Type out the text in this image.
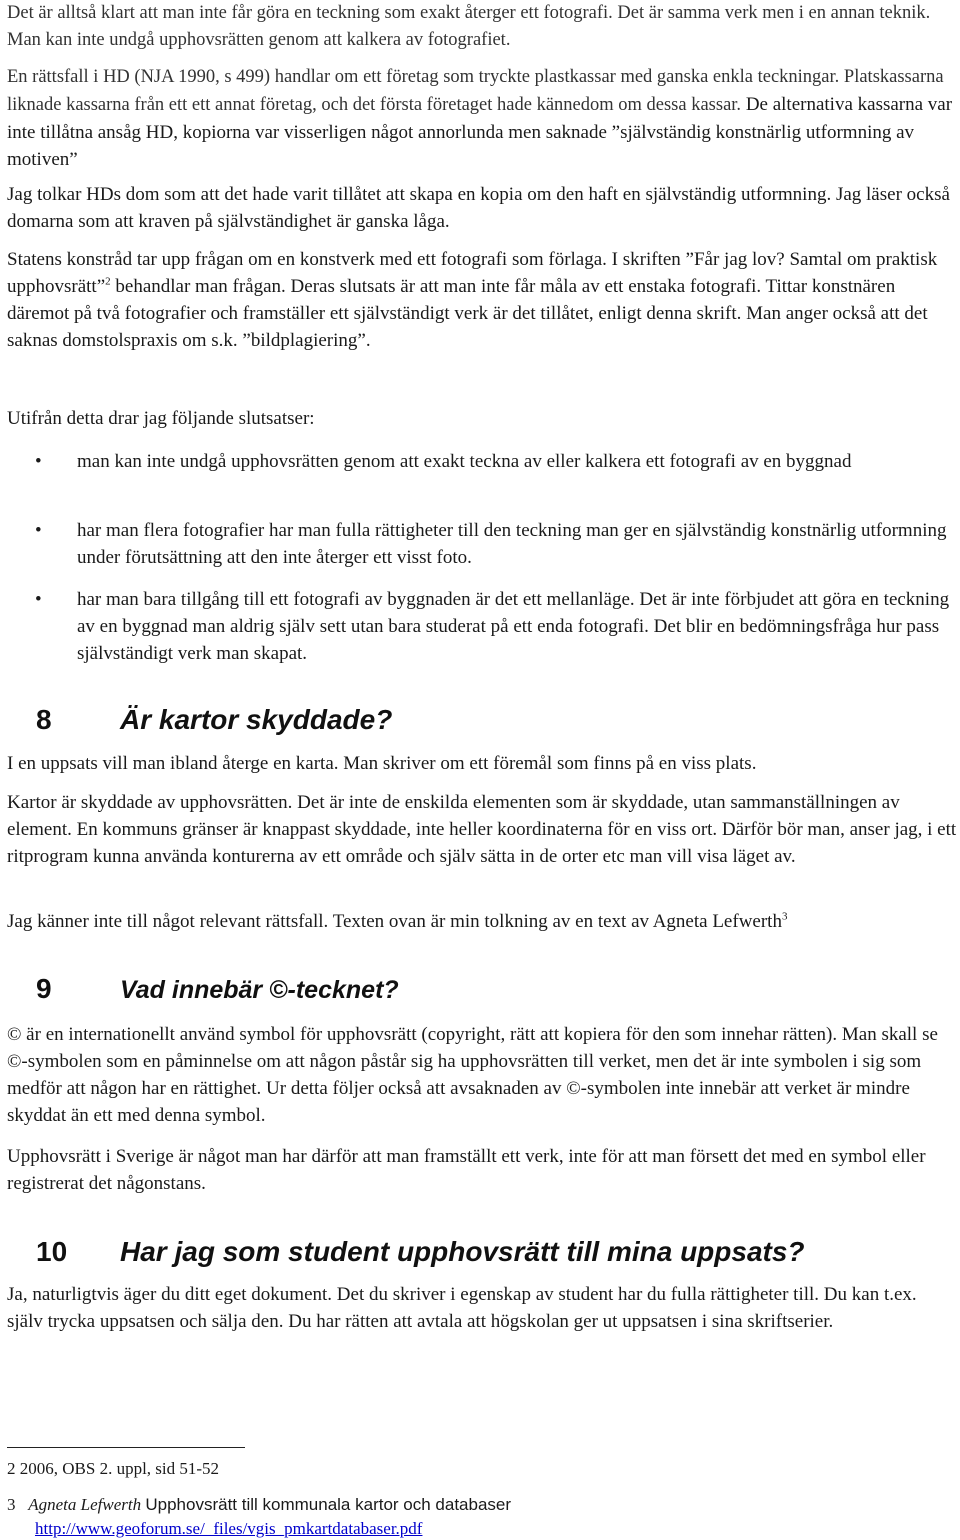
Det är alltså klart att man inte får göra en teckning som exakt återger ett fotografi. Det är samma verk men i en annan teknik. Man kan inte undgå upphovsrätten genom att kalkera av fotografiet.

En rättsfall i HD (NJA 1990, s 499) handlar om ett företag som tryckte plastkassar med ganska enkla teckningar. Platskassarna liknade kassarna från ett ett annat företag, och det första företaget hade kännedom om dessa kassar. De alternativa kassarna var inte tillåtna ansåg HD, kopiorna var visserligen något annorlunda men saknade ”självständig konstnärlig utformning av motiven”

Jag tolkar HDs dom som att det hade varit tillåtet att skapa en kopia om den haft en självständig utformning. Jag läser också domarna som att kraven på självständighet är ganska låga.

Statens konstråd tar upp frågan om en konstverk med ett fotografi som förlaga. I skriften ”Får jag lov? Samtal om praktisk upphovsrätt”$^2$ behandlar man frågan. Deras slutsats är att man inte får måla av ett enstaka fotografi. Tittar konstnären däremot på två fotografier och framställer ett självständigt verk är det tillåtet, enligt denna skrift. Man anger också att det saknas domstolspraxis om s.k. ”bildplagiering”.

Utifrån detta drar jag följande slutsatser:

• man kan inte undgå upphovsrätten genom att exakt teckna av eller kalkera ett fotografi av en byggnad
• har man flera fotografier har man fulla rättigheter till den teckning man ger en självständig konstnärlig utformning under förutsättning att den inte återger ett visst foto.
• har man bara tillgång till ett fotografi av byggnaden är det ett mellanläge. Det är inte förbjudet att göra en teckning av en byggnad man aldrig själv sett utan bara studerat på ett enda fotografi. Det blir en bedömningsfråga hur pass självständigt verk man skapat.
8 Är kartor skyddade?

I en uppsats vill man ibland återge en karta. Man skriver om ett föremål som finns på en viss plats.

Kartor är skyddade av upphovsrätten. Det är inte de enskilda elementen som är skyddade, utan sammanställningen av element. En kommuns gränser är knappast skyddade, inte heller koordinaterna för en viss ort. Därför bör man, anser jag, i ett ritprogram kunna använda konturerna av ett område och själv sätta in de orter etc man vill visa läget av.

Jag känner inte till något relevant rättsfall. Texten ovan är min tolkning av en text av Agneta Lefwerth$^3$

9	Vad innebär ©-tecknet?

© är en internationellt använd symbol för upphovsrätt (copyright, rätt att kopiera för den som innehar rätten). Man skall se ©-symbolen som en påminnelse om att någon påstår sig ha upphovsrätten till verket, men det är inte symbolen i sig som medför att någon har en rättighet. Ur detta följer också att avsaknaden av ©-symbolen inte innebär att verket är mindre skyddat än ett med denna symbol.

Upphovsrätt i Sverige är något man har därför att man framställt ett verk, inte för att man försett det med en symbol eller registrerat det någonstans.

10 Har jag som student upphovsrätt till mina uppsats?

Ja, naturligtvis äger du ditt eget dokument. Det du skriver i egenskap av student har du fulla rättigheter till. Du kan t.ex. själv trycka uppsatsen och sälja den. Du har rätten att avtala att högskolan ger ut uppsatsen i sina skriftserier.

2 2006, OBS 2. uppl, sid 51-52
3 Agneta Lefwerth Upphovsrätt till kommunala kartor och databaser
http://www.geoforum.se/_files/vgis_pmkartdatabaser.pdf
